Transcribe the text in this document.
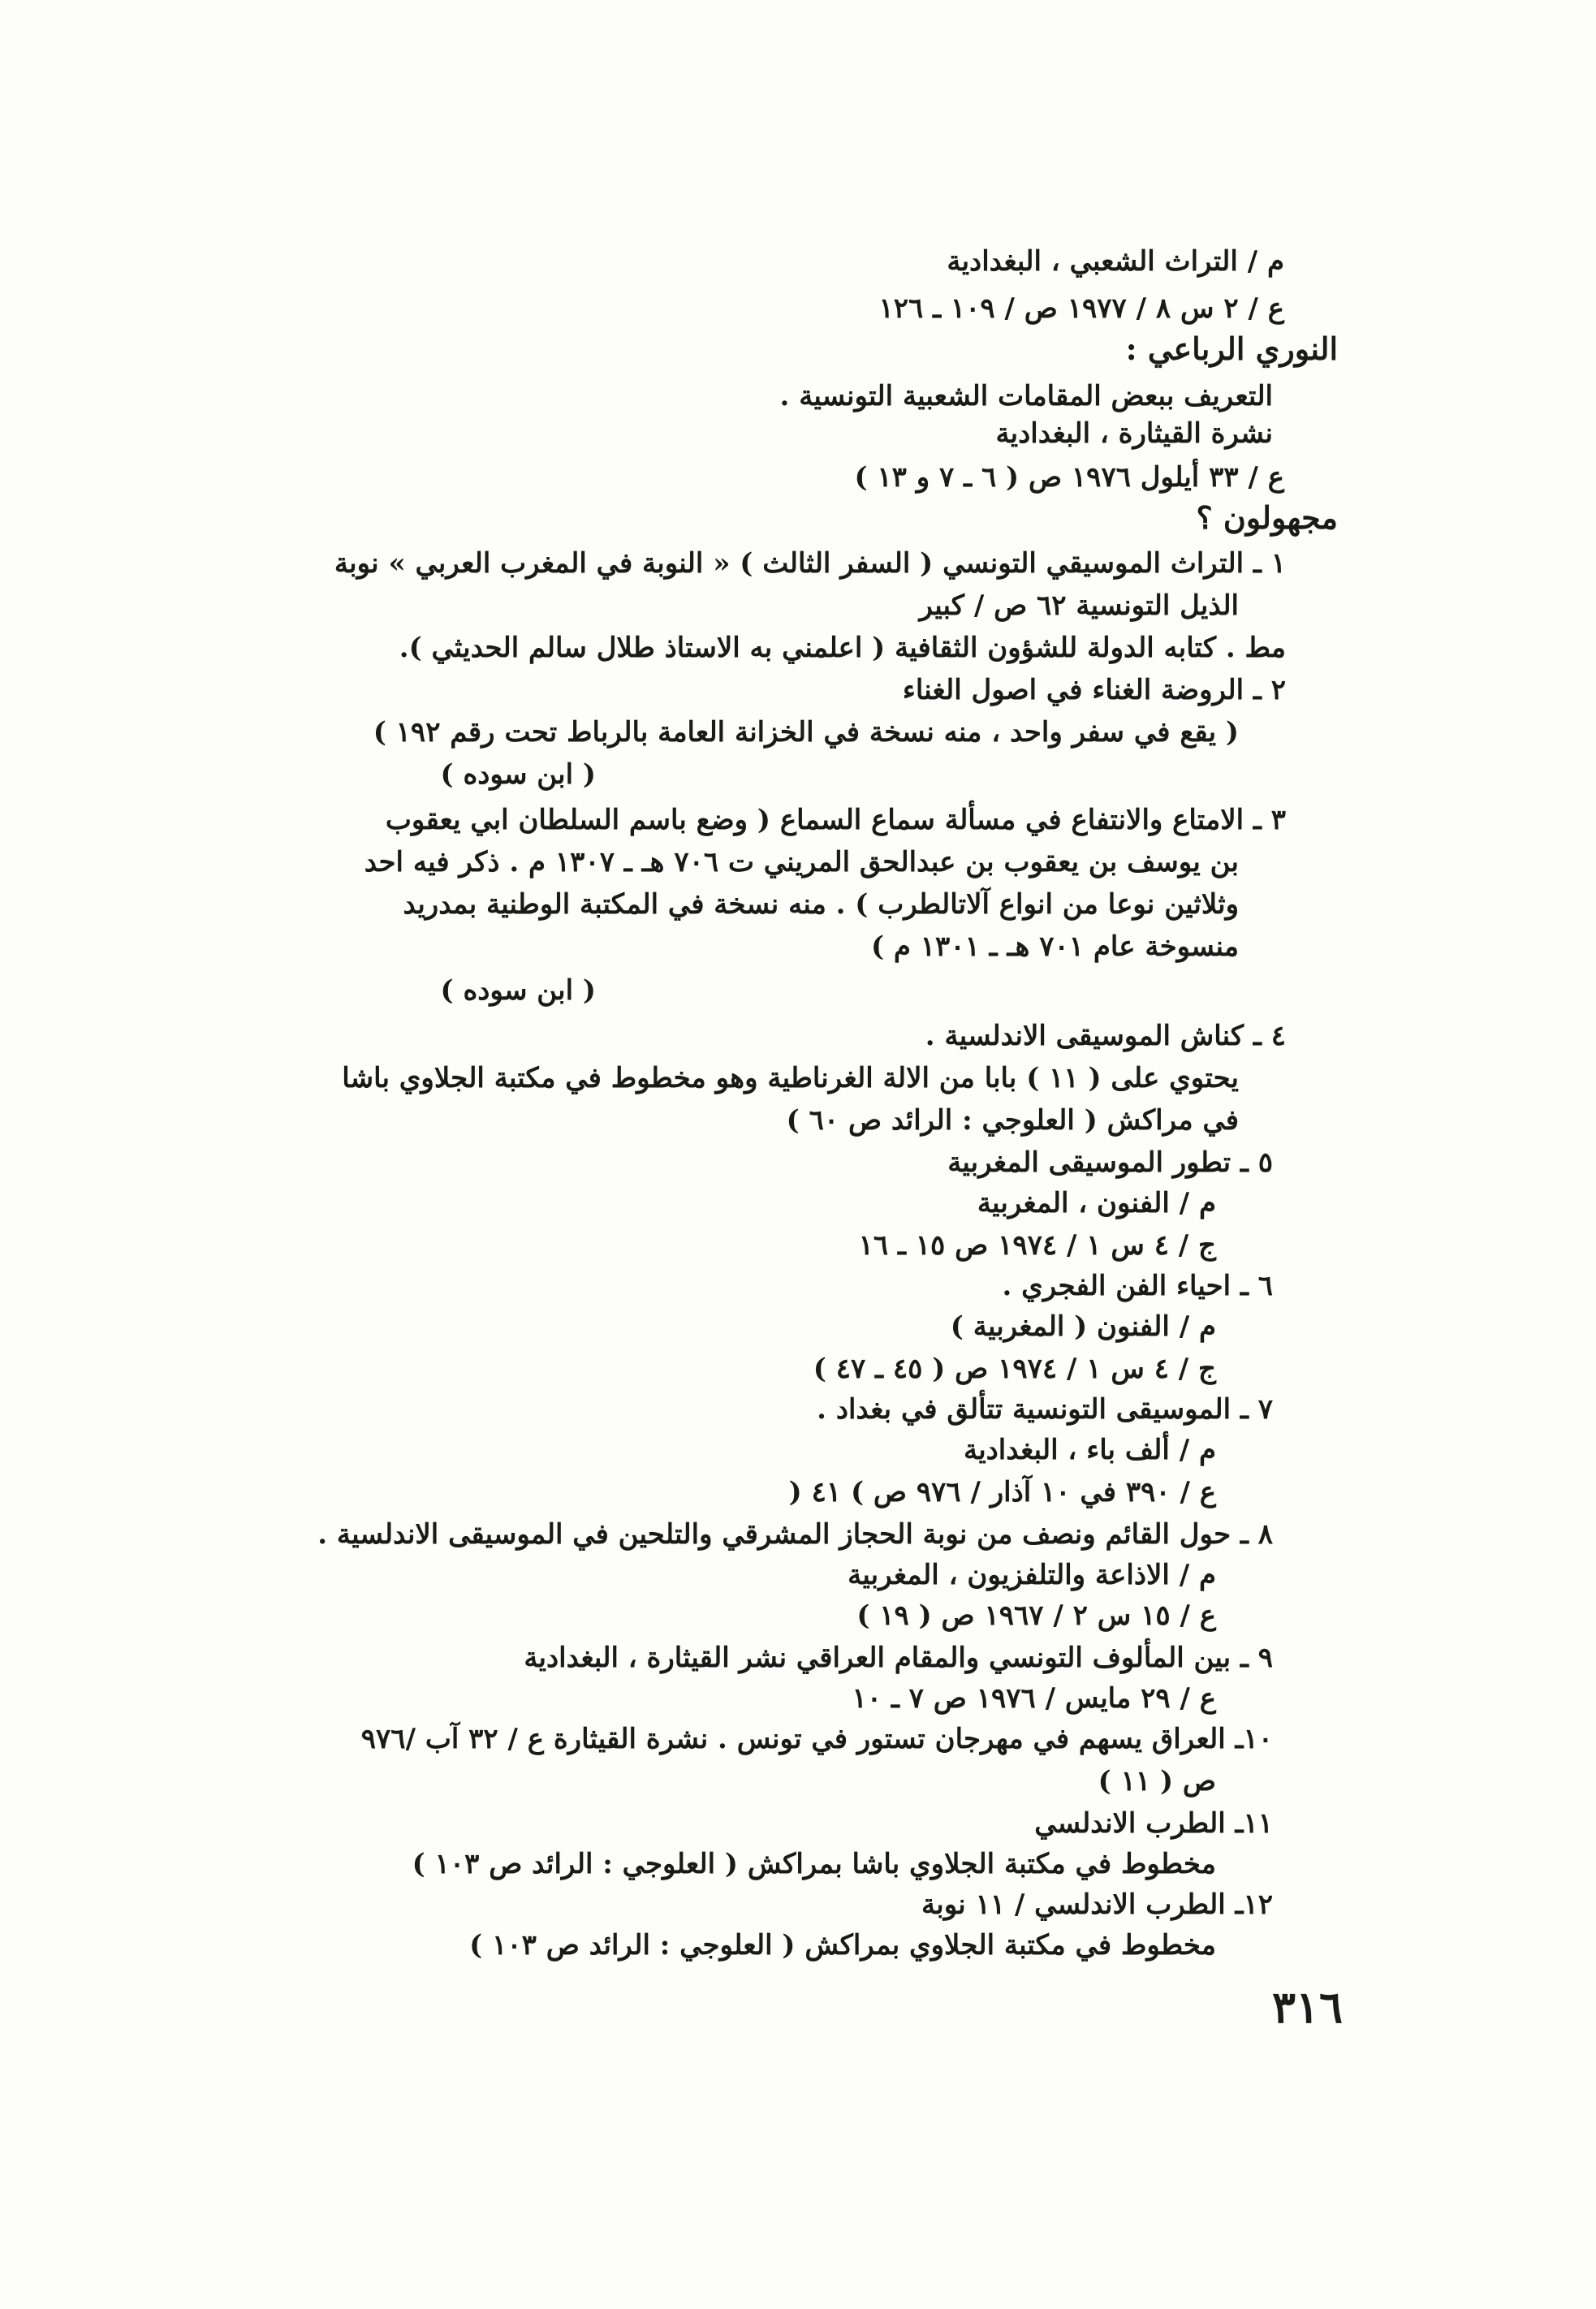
م / التراث الشعبي ، البغدادية
ع / ٢ س ٨ / ١٩٧٧ ص / ١٠٩ ـ ١٢٦
النوري الرباعي :
التعريف ببعض المقامات الشعبية التونسية .
نشرة القيثارة ، البغدادية
ع / ٣٣ أيلول ١٩٧٦ ص ( ٦ ـ ٧ و ١٣ )
مجهولون ؟
١ ـ التراث الموسيقي التونسي ( السفر الثالث ) « النوبة في المغرب العربي » نوبة
الذيل التونسية ٦٢ ص / كبير
مط . كتابه الدولة للشؤون الثقافية ( اعلمني به الاستاذ طلال سالم الحديثي ).
٢ ـ الروضة الغناء في اصول الغناء
( يقع في سفر واحد ، منه نسخة في الخزانة العامة بالرباط تحت رقم ١٩٢ )
( ابن سوده )
٣ ـ الامتاع والانتفاع في مسألة سماع السماع ( وضع باسم السلطان ابي يعقوب
بن يوسف بن يعقوب بن عبدالحق المريني ت ٧٠٦ هـ ـ ١٣٠٧ م . ذكر فيه احد
وثلاثين نوعا من انواع آلاتالطرب ) . منه نسخة في المكتبة الوطنية بمدريد
منسوخة عام ٧٠١ هـ ـ ١٣٠١ م )
( ابن سوده )
٤ ـ كناش الموسيقى الاندلسية .
يحتوي على ( ١١ ) بابا من الالة الغرناطية وهو مخطوط في مكتبة الجلاوي باشا
في مراكش ( العلوجي : الرائد ص ٦٠ )
٥ ـ تطور الموسيقى المغربية
م / الفنون ، المغربية
ج / ٤ س ١ / ١٩٧٤ ص ١٥ ـ ١٦
٦ ـ احياء الفن الفجري .
م / الفنون ( المغربية )
ج / ٤ س ١ / ١٩٧٤ ص ( ٤٥ ـ ٤٧ )
٧ ـ الموسيقى التونسية تتألق في بغداد .
م / ألف باء ، البغدادية
ع / ٣٩٠ في ١٠ آذار / ٩٧٦ ص ) ٤١ (
٨ ـ حول القائم ونصف من نوبة الحجاز المشرقي والتلحين في الموسيقى الاندلسية .
م / الاذاعة والتلفزيون ، المغربية
ع / ١٥ س ٢ / ١٩٦٧ ص ( ١٩ )
٩ ـ بين المألوف التونسي والمقام العراقي نشر القيثارة ، البغدادية
ع / ٢٩ مايس / ١٩٧٦ ص ٧ ـ ١٠
١٠ـ العراق يسهم في مهرجان تستور في تونس . نشرة القيثارة ع / ٣٢ آب /٩٧٦
ص ( ١١ )
١١ـ الطرب الاندلسي
مخطوط في مكتبة الجلاوي باشا بمراكش ( العلوجي : الرائد ص ١٠٣ )
١٢ـ الطرب الاندلسي / ١١ نوبة
مخطوط في مكتبة الجلاوي بمراكش ( العلوجي : الرائد ص ١٠٣ )
٣١٦
